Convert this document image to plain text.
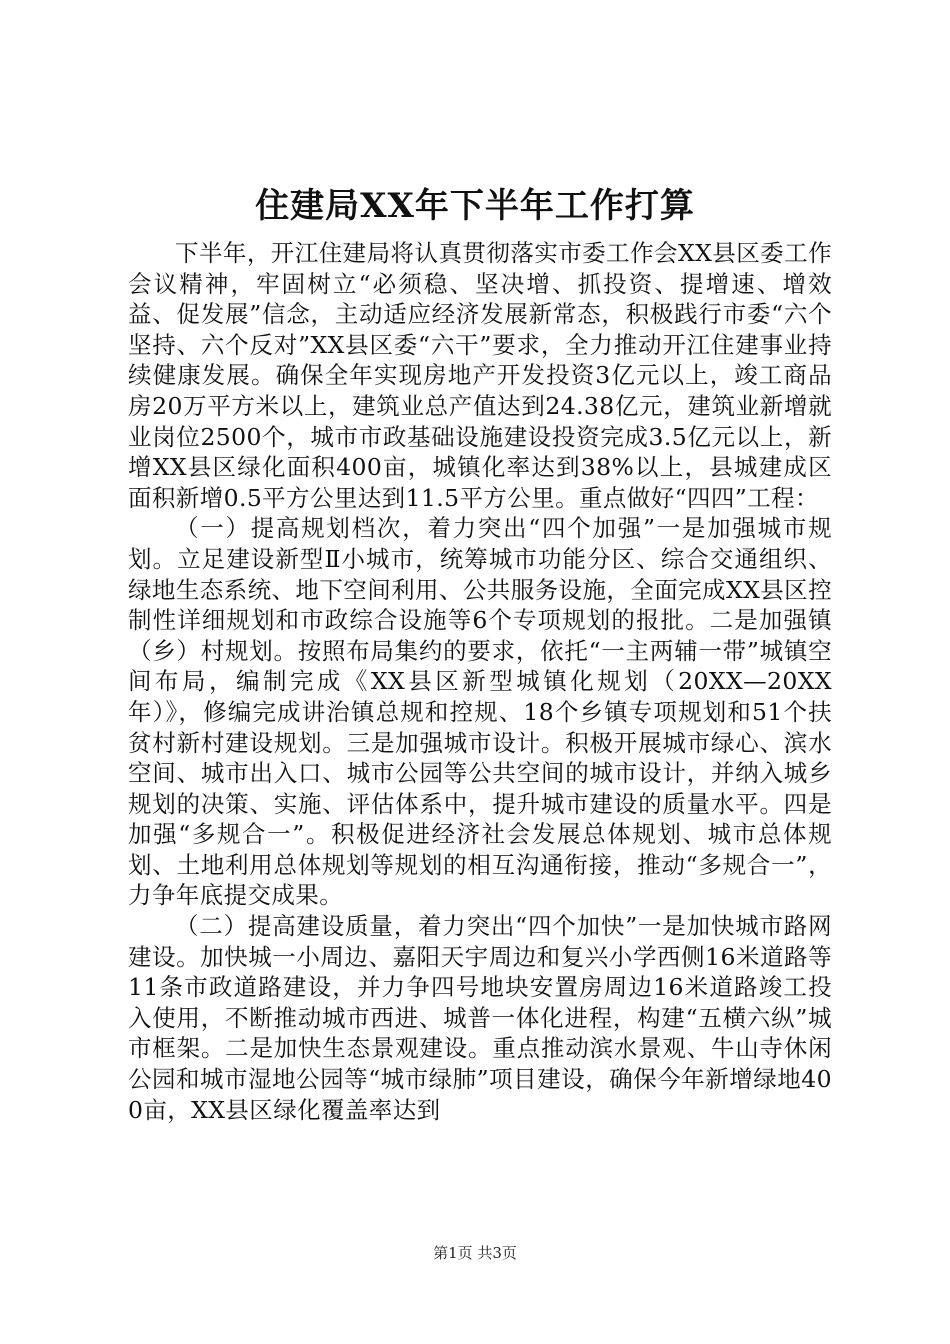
住建局XX年下半年工作打算

下半年，开江住建局将认真贯彻落实市委工作会XX县区委工作会议精神，牢固树立“必须稳、坚决增、抓投资、提增速、增效益、促发展”信念，主动适应经济发展新常态，积极践行市委“六个坚持、六个反对”XX县区委“六干”要求，全力推动开江住建事业持续健康发展。确保全年实现房地产开发投资3亿元以上，竣工商品房20万平方米以上，建筑业总产值达到24.38亿元，建筑业新增就业岗位2500个，城市市政基础设施建设投资完成3.5亿元以上，新增XX县区绿化面积400亩，城镇化率达到38%以上，县城建成区面积新增0.5平方公里达到11.5平方公里。重点做好“四四”工程：

（一）提高规划档次，着力突出“四个加强”一是加强城市规划。立足建设新型Ⅱ小城市，统筹城市功能分区、综合交通组织、绿地生态系统、地下空间利用、公共服务设施，全面完成XX县区控制性详细规划和市政综合设施等6个专项规划的报批。二是加强镇（乡）村规划。按照布局集约的要求，依托“一主两辅一带”城镇空间布局，编制完成《XX县区新型城镇化规划（20XX—20XX年）》，修编完成讲治镇总规和控规、18个乡镇专项规划和51个扶贫村新村建设规划。三是加强城市设计。积极开展城市绿心、滨水空间、城市出入口、城市公园等公共空间的城市设计，并纳入城乡规划的决策、实施、评估体系中，提升城市建设的质量水平。四是加强“多规合一”。积极促进经济社会发展总体规划、城市总体规划、土地利用总体规划等规划的相互沟通衔接，推动“多规合一”，力争年底提交成果。

（二）提高建设质量，着力突出“四个加快”一是加快城市路网建设。加快城一小周边、嘉阳天宇周边和复兴小学西侧16米道路等11条市政道路建设，并力争四号地块安置房周边16米道路竣工投入使用，不断推动城市西进、城普一体化进程，构建“五横六纵”城市框架。二是加快生态景观建设。重点推动滨水景观、牛山寺休闲公园和城市湿地公园等“城市绿肺”项目建设，确保今年新增绿地400亩，XX县区绿化覆盖率达到

第1页 共3页
